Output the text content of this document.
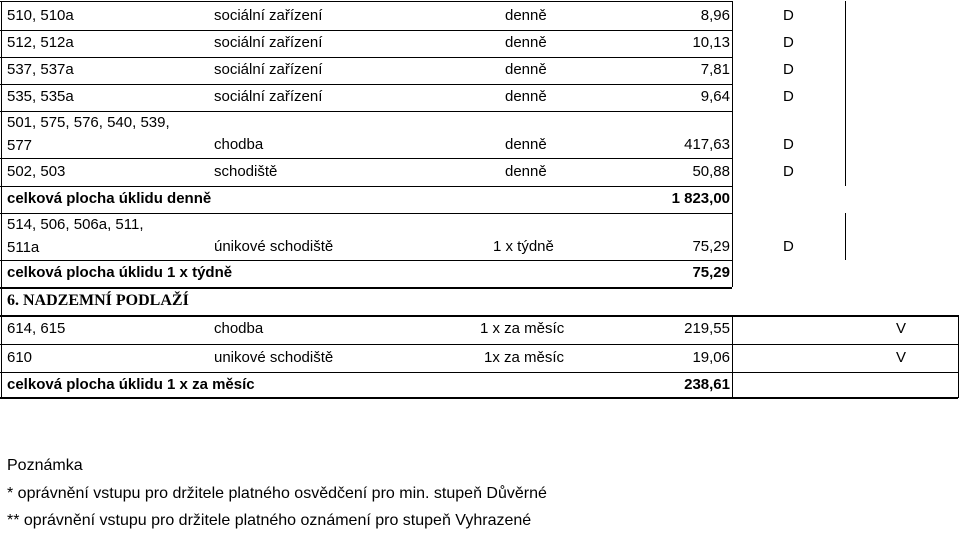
510, 510a	sociální zařízení	denně	8,96	D
512, 512a	sociální zařízení	denně	10,13	D
537, 537a	sociální zařízení	denně	7,81	D
535, 535a	sociální zařízení	denně	9,64	D
501, 575, 576, 540, 539,
577	chodba	denně	417,63	D
502, 503	schodiště	denně	50,88	D
celková plocha úklidu denně	1 823,00
514, 506, 506a, 511,
511a	únikové schodiště	1 x týdně	75,29	D
celková plocha úklidu 1 x týdně	75,29
6. NADZEMNÍ PODLAŽÍ
614, 615	chodba	1 x za měsíc	219,55	V
610	unikové schodiště	1x za měsíc	19,06	V
celková plocha úklidu 1 x za měsíc	238,61
Poznámka
* oprávnění vstupu pro držitele platného osvědčení pro min. stupeň Důvěrné
** oprávnění vstupu pro držitele platného oznámení pro stupeň Vyhrazené
